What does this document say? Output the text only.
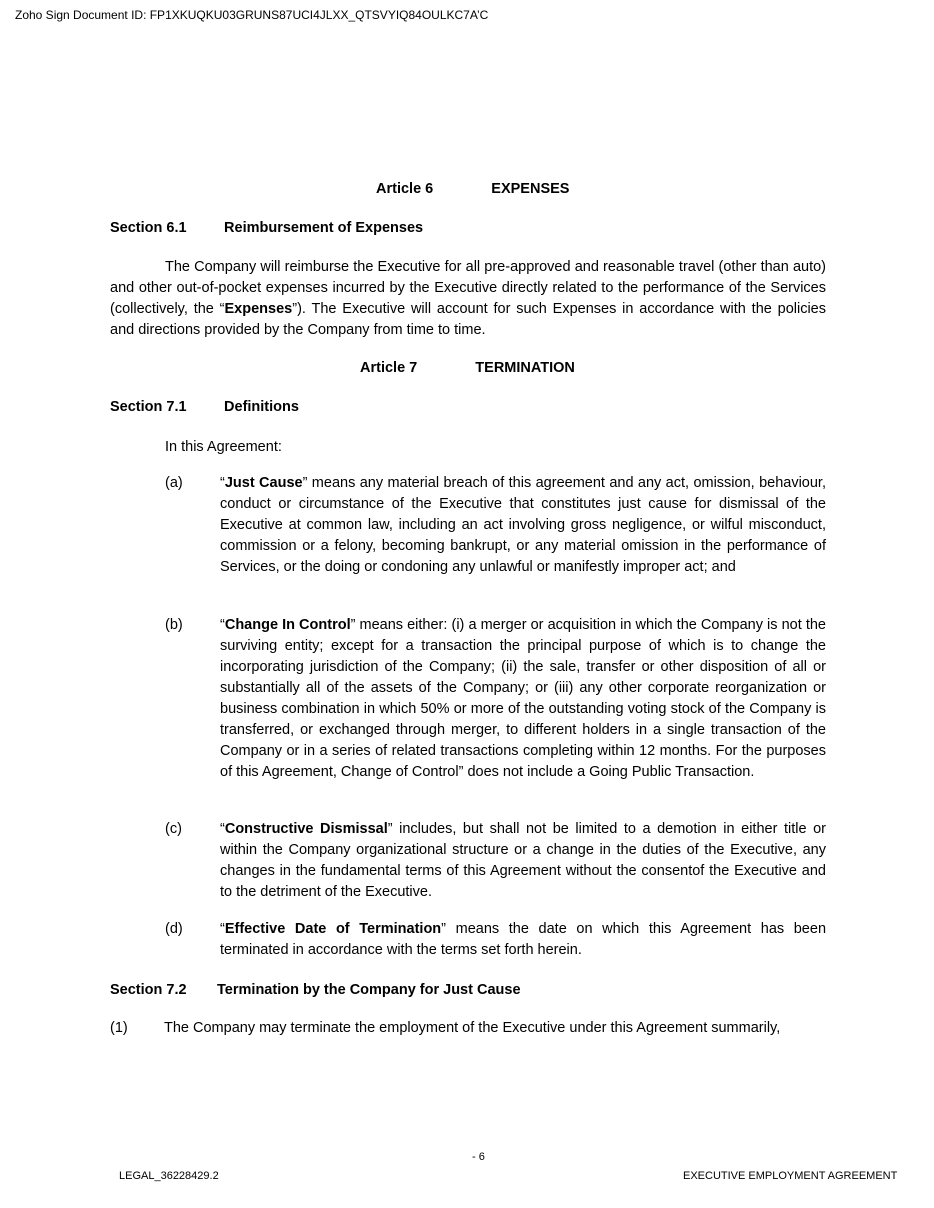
Zoho Sign Document ID: FP1XKUQKU03GRUNS87UCI4JLXX_QTSVYIQ84OULKC7A’C
Article 6	EXPENSES
Section 6.1	Reimbursement of Expenses
The Company will reimburse the Executive for all pre-approved and reasonable travel (other than auto) and other out-of-pocket expenses incurred by the Executive directly related to the performance of the Services (collectively, the “Expenses”). The Executive will account for such Expenses in accordance with the policies and directions provided by the Company from time to time.
Article 7	TERMINATION
Section 7.1	Definitions
In this Agreement:
(a)	“Just Cause” means any material breach of this agreement and any act, omission, behaviour, conduct or circumstance of the Executive that constitutes just cause for dismissal of the Executive at common law, including an act involving gross negligence, or wilful misconduct, commission or a felony, becoming bankrupt, or any material omission in the performance of Services, or the doing or condoning any unlawful or manifestly improper act; and
(b)	“Change In Control” means either: (i) a merger or acquisition in which the Company is not the surviving entity; except for a transaction the principal purpose of which is to change the incorporating jurisdiction of the Company; (ii) the sale, transfer or other disposition of all or substantially all of the assets of the Company; or (iii) any other corporate reorganization or business combination in which 50% or more of the outstanding voting stock of the Company is transferred, or exchanged through merger, to different holders in a single transaction of the Company or in a series of related transactions completing within 12 months. For the purposes of this Agreement, Change of Control” does not include a Going Public Transaction.
(c)	“Constructive Dismissal” includes, but shall not be limited to a demotion in either title or within the Company organizational structure or a change in the duties of the Executive, any changes in the fundamental terms of this Agreement without the consentof the Executive and to the detriment of the Executive.
(d)	“Effective Date of Termination” means the date on which this Agreement has been terminated in accordance with the terms set forth herein.
Section 7.2 Termination by the Company for Just Cause
(1)	The Company may terminate the employment of the Executive under this Agreement summarily,
- 6
LEGAL_36228429.2	EXECUTIVE EMPLOYMENT AGREEMENT
